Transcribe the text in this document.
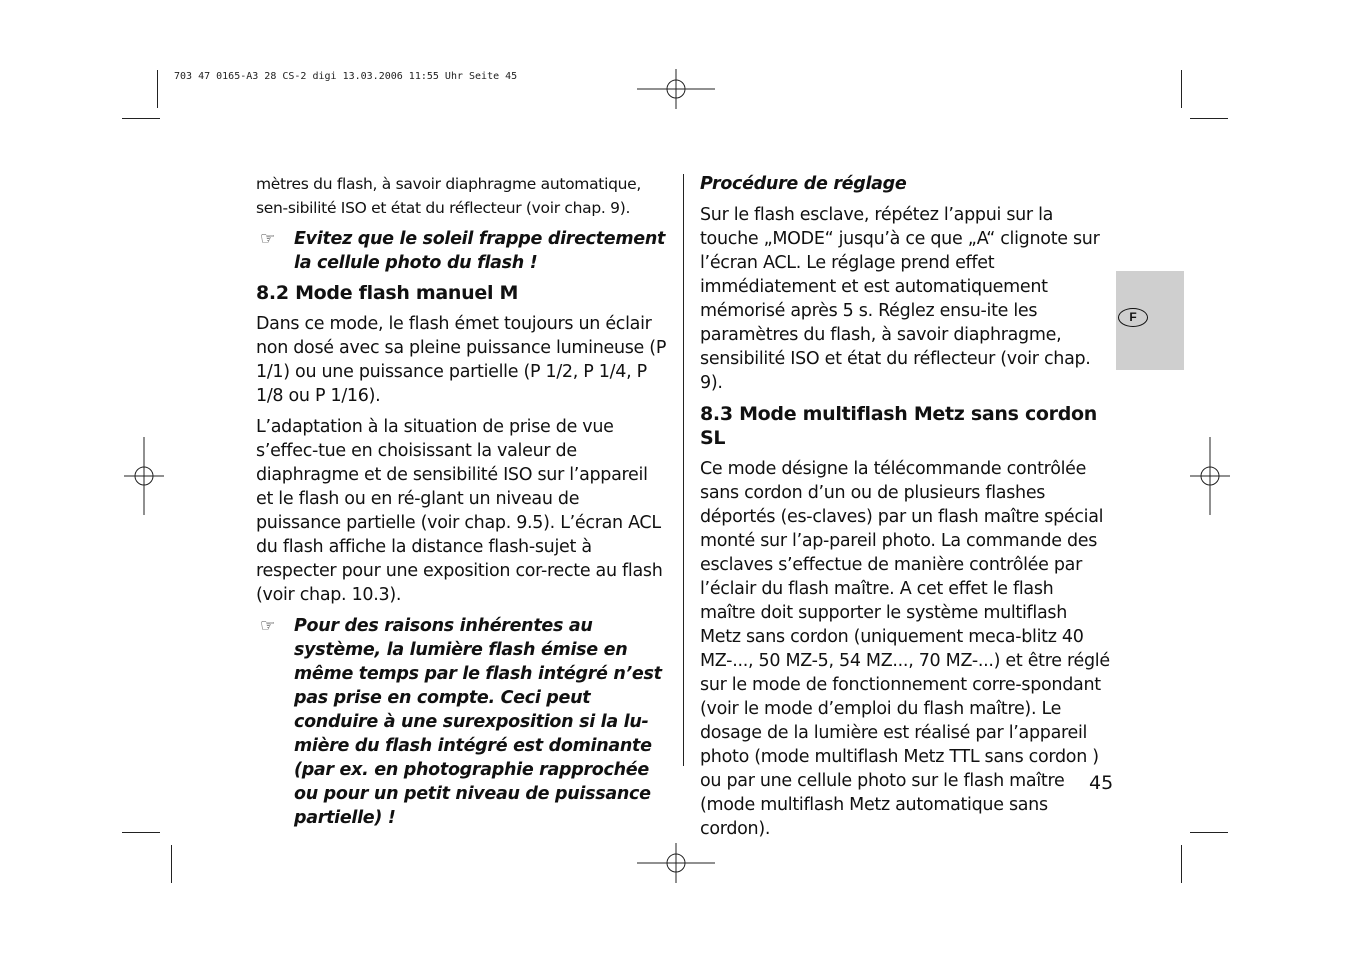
703 47 0165-A3 28 CS-2 digi 13.03.2006 11:55 Uhr Seite 45

mètres du flash, à savoir diaphragme automatique, sen-sibilité ISO et état du réflecteur (voir chap. 9).

☞ Evitez que le soleil frappe directement la cellule photo du flash !
8.2 Mode flash manuel M

Dans ce mode, le flash émet toujours un éclair non dosé avec sa pleine puissance lumineuse (P 1/1) ou une puissance partielle (P 1/2, P 1/4, P 1/8 ou P 1/16).

L’adaptation à la situation de prise de vue s’effec-tue en choisissant la valeur de diaphragme et de sensibilité ISO sur l’appareil et le flash ou en ré-glant un niveau de puissance partielle (voir chap. 9.5). L’écran ACL du flash affiche la distance flash-sujet à respecter pour une exposition cor-recte au flash (voir chap. 10.3).

☞ Pour des raisons inhérentes au système, la lumière flash émise en même temps par le flash intégré n’est pas prise en compte. Ceci peut conduire à une surexposition si la lu-mière du flash intégré est dominante (par ex. en photographie rapprochée ou pour un petit niveau de puissance partielle) !

Procédure de réglage

Sur le flash esclave, répétez l’appui sur la touche „MODE“ jusqu’à ce que „A“ clignote sur l’écran ACL. Le réglage prend effet immédiatement et est automatiquement mémorisé après 5 s. Réglez ensu-ite les paramètres du flash, à savoir diaphragme, sensibilité ISO et état du réflecteur (voir chap. 9).

8.3 Mode multiflash Metz sans cordon SL

Ce mode désigne la télécommande contrôlée sans cordon d’un ou de plusieurs flashes déportés (es-claves) par un flash maître spécial monté sur l’ap-pareil photo. La commande des esclaves s’effectue de manière contrôlée par l’éclair du flash maître. A cet effet le flash maître doit supporter le système multiflash Metz sans cordon (uniquement meca-blitz 40 MZ-..., 50 MZ-5, 54 MZ..., 70 MZ-...) et être réglé sur le mode de fonctionnement corre-spondant (voir le mode d’emploi du flash maître). Le dosage de la lumière est réalisé par l’appareil photo (mode multiflash Metz TTL sans cordon ) ou par une cellule photo sur le flash maître (mode multiflash Metz automatique sans cordon).

F
45
